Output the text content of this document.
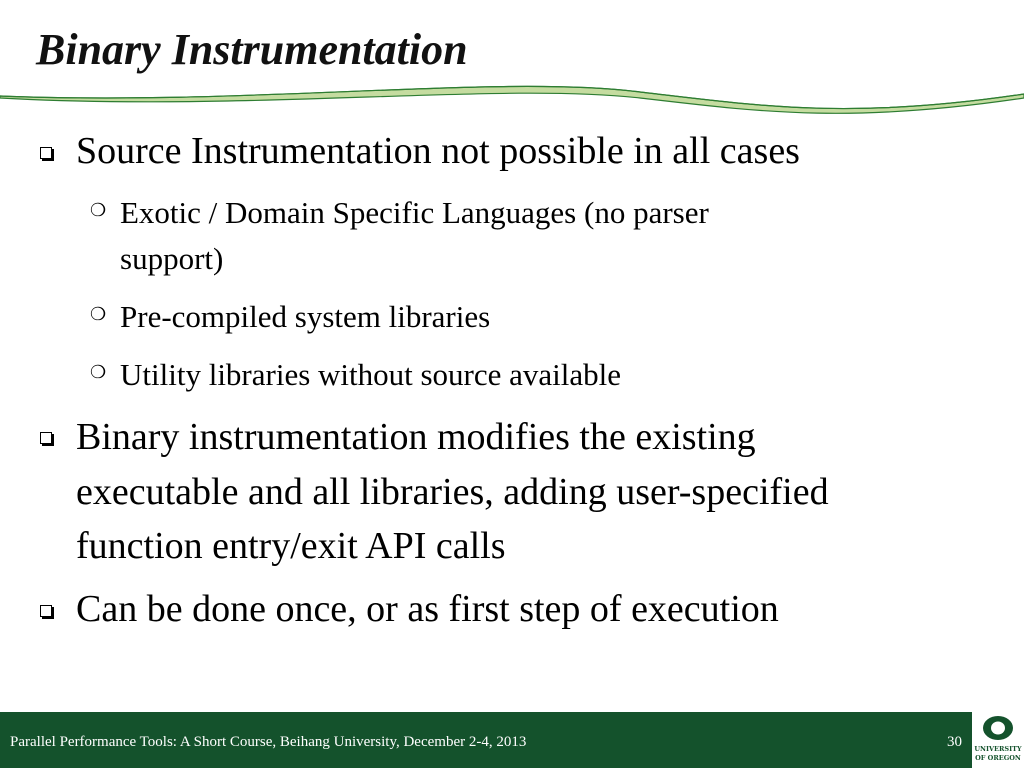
Binary Instrumentation
Source Instrumentation not possible in all cases
❍ Exotic / Domain Specific Languages (no parser
support)
❍ Pre-compiled system libraries
❍ Utility libraries without source available
Binary instrumentation modifies the existing
executable and all libraries, adding user-specified
function entry/exit API calls
Can be done once, or as first step of execution
Parallel Performance Tools: A Short Course, Beihang University, December 2-4, 2013	30	UNIVERSITY
OF OREGON
